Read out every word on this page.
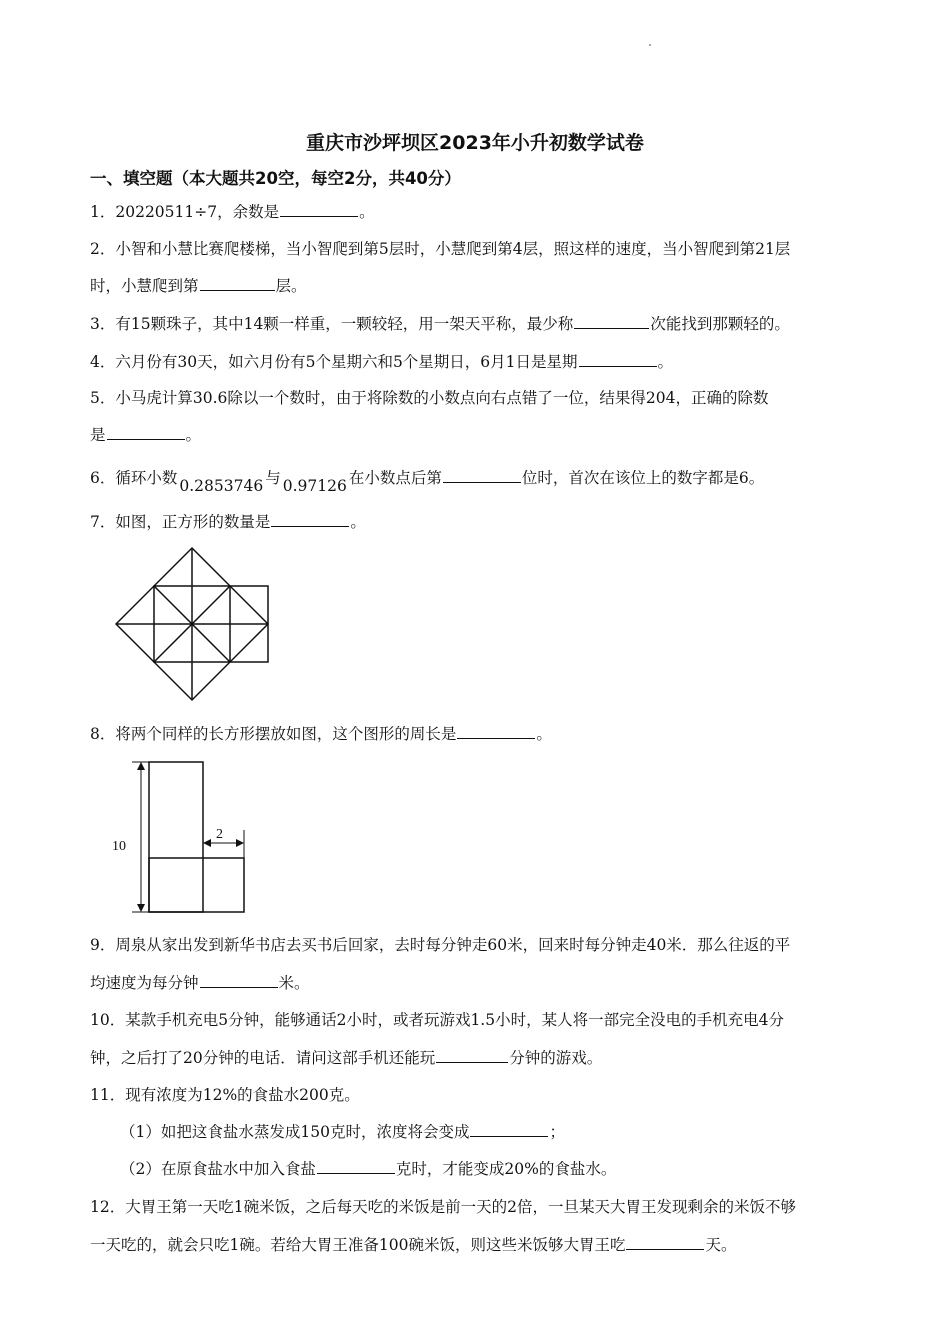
重庆市沙坪坝区2023年小升初数学试卷
一、填空题（本大题共20空，每空2分，共40分）
1．20220511÷7，余数是	。
2．小智和小慧比赛爬楼梯，当小智爬到第5层时，小慧爬到第4层，照这样的速度，当小智爬到第21层
时，小慧爬到第	层。
3．有15颗珠子，其中14颗一样重，一颗较轻，用一架天平称，最少称	次能找到那颗轻的。
4．六月份有30天，如六月份有5个星期六和5个星期日，6月1日是星期	。
5．小马虎计算30.6除以一个数时，由于将除数的小数点向右点错了一位，结果得204，正确的除数
是	。
6．循环小数 0.2853746 与 0.97126 在小数点后第	位时，首次在该位上的数字都是6。
7．如图，正方形的数量是	。
8．将两个同样的长方形摆放如图，这个图形的周长是	。
10
2
9．周泉从家出发到新华书店去买书后回家，去时每分钟走60米，回来时每分钟走40米．那么往返的平
均速度为每分钟	米。
10．某款手机充电5分钟，能够通话2小时，或者玩游戏1.5小时，某人将一部完全没电的手机充电4分
钟，之后打了20分钟的电话．请问这部手机还能玩	分钟的游戏。
11．现有浓度为12%的食盐水200克。
（1）如把这食盐水蒸发成150克时，浓度将会变成	；
（2）在原食盐水中加入食盐	克时，才能变成20%的食盐水。
12．大胃王第一天吃1碗米饭，之后每天吃的米饭是前一天的2倍，一旦某天大胃王发现剩余的米饭不够
一天吃的，就会只吃1碗。若给大胃王准备100碗米饭，则这些米饭够大胃王吃	天。
